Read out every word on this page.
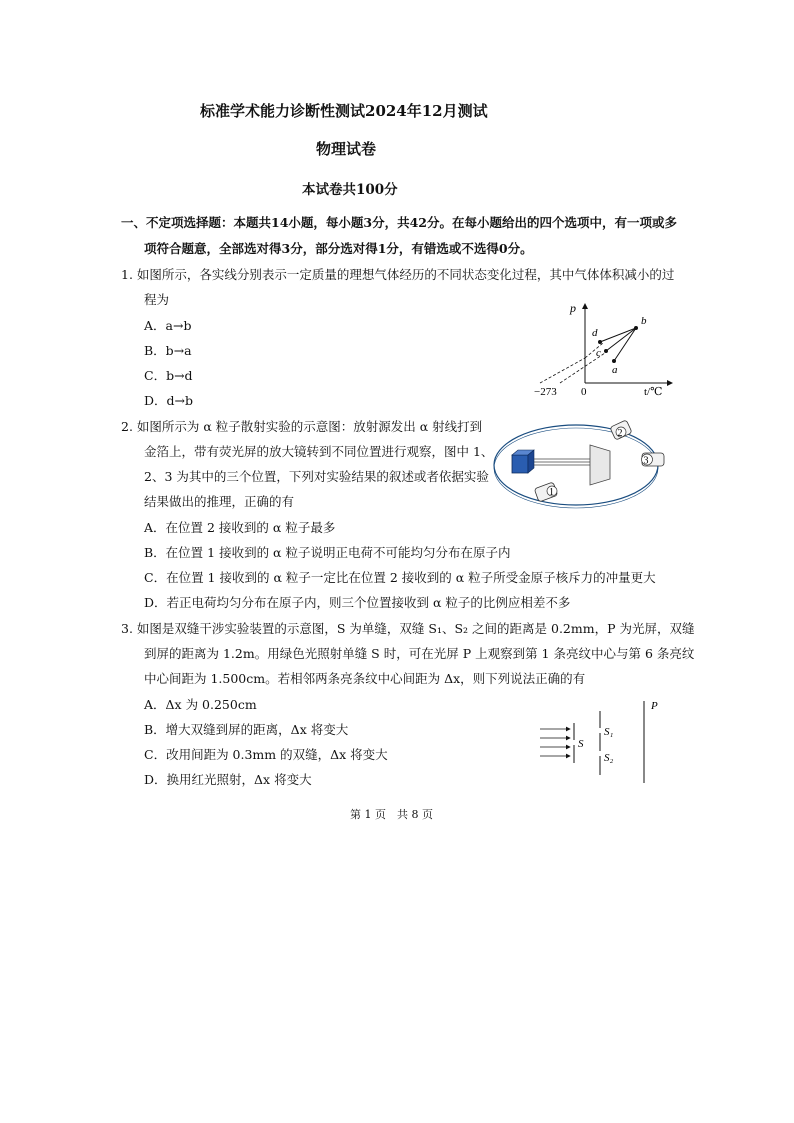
标准学术能力诊断性测试2024年12月测试
物理试卷
本试卷共100分
一、不定项选择题：本题共14小题，每小题3分，共42分。在每小题给出的四个选项中，有一项或多
项符合题意，全部选对得3分，部分选对得1分，有错选或不选得0分。
1. 如图所示，各实线分别表示一定质量的理想气体经历的不同状态变化过程，其中气体体积减小的过
程为
A．a→b
B．b→a
C．b→d
D．d→b
p
t/℃
−273 0
a
b
c
d
2. 如图所示为 α 粒子散射实验的示意图：放射源发出 α 射线打到
金箔上，带有荧光屏的放大镜转到不同位置进行观察，图中 1、
2、3 为其中的三个位置，下列对实验结果的叙述或者依据实验
结果做出的推理，正确的有
A．在位置 2 接收到的 α 粒子最多
B．在位置 1 接收到的 α 粒子说明正电荷不可能均匀分布在原子内
C．在位置 1 接收到的 α 粒子一定比在位置 2 接收到的 α 粒子所受金原子核斥力的冲量更大
D．若正电荷均匀分布在原子内，则三个位置接收到 α 粒子的比例应相差不多
2
3
1
3. 如图是双缝干涉实验装置的示意图，S 为单缝，双缝 S₁、S₂ 之间的距离是 0.2mm，P 为光屏，双缝
到屏的距离为 1.2m。用绿色光照射单缝 S 时，可在光屏 P 上观察到第 1 条亮纹中心与第 6 条亮纹
中心间距为 1.500cm。若相邻两条亮条纹中心间距为 Δx，则下列说法正确的有
A．Δx 为 0.250cm
B．增大双缝到屏的距离，Δx 将变大
C．改用间距为 0.3mm 的双缝，Δx 将变大
D．换用红光照射，Δx 将变大
S
S₁
S₂
P
第 1 页　共 8 页
